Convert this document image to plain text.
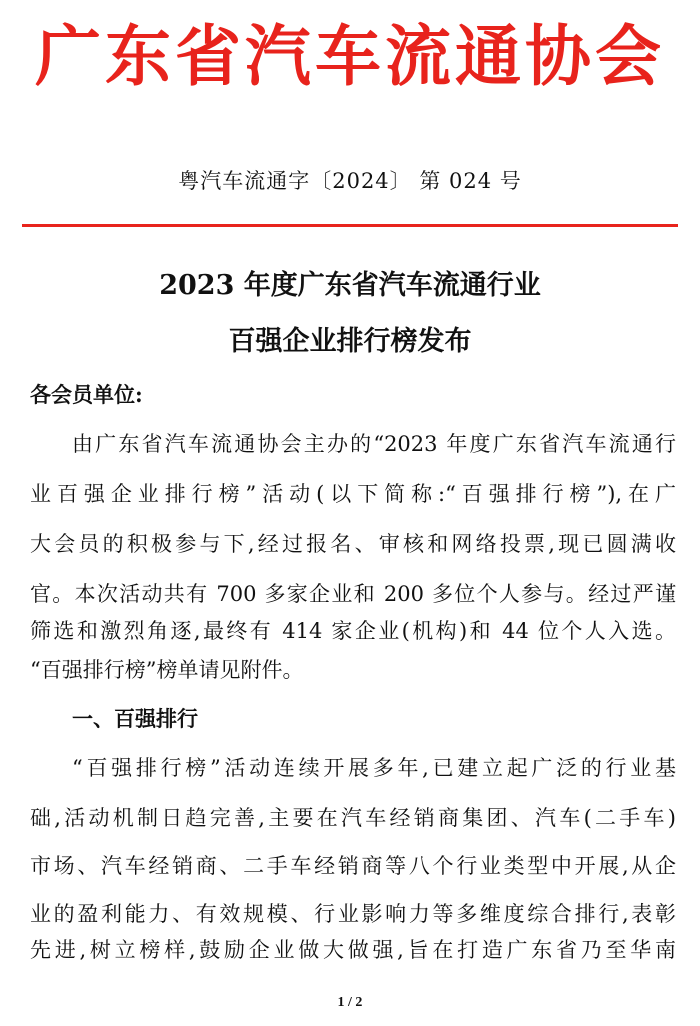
广东省汽车流通协会
粤汽车流通字〔2024〕 第 024 号
2023 年度广东省汽车流通行业
百强企业排行榜发布
各会员单位:
由广东省汽车流通协会主办的“2023 年度广东省汽车流通行
业百强企业排行榜”活动(以下简称:“百强排行榜”),在广
大会员的积极参与下,经过报名、审核和网络投票,现已圆满收
官。本次活动共有 700 多家企业和 200 多位个人参与。经过严谨
筛选和激烈角逐,最终有 414 家企业(机构)和 44 位个人入选。
“百强排行榜”榜单请见附件。
一、百强排行
“百强排行榜”活动连续开展多年,已建立起广泛的行业基
础,活动机制日趋完善,主要在汽车经销商集团、汽车(二手车)
市场、汽车经销商、二手车经销商等八个行业类型中开展,从企
业的盈利能力、有效规模、行业影响力等多维度综合排行,表彰
先进,树立榜样,鼓励企业做大做强,旨在打造广东省乃至华南
1 / 2
